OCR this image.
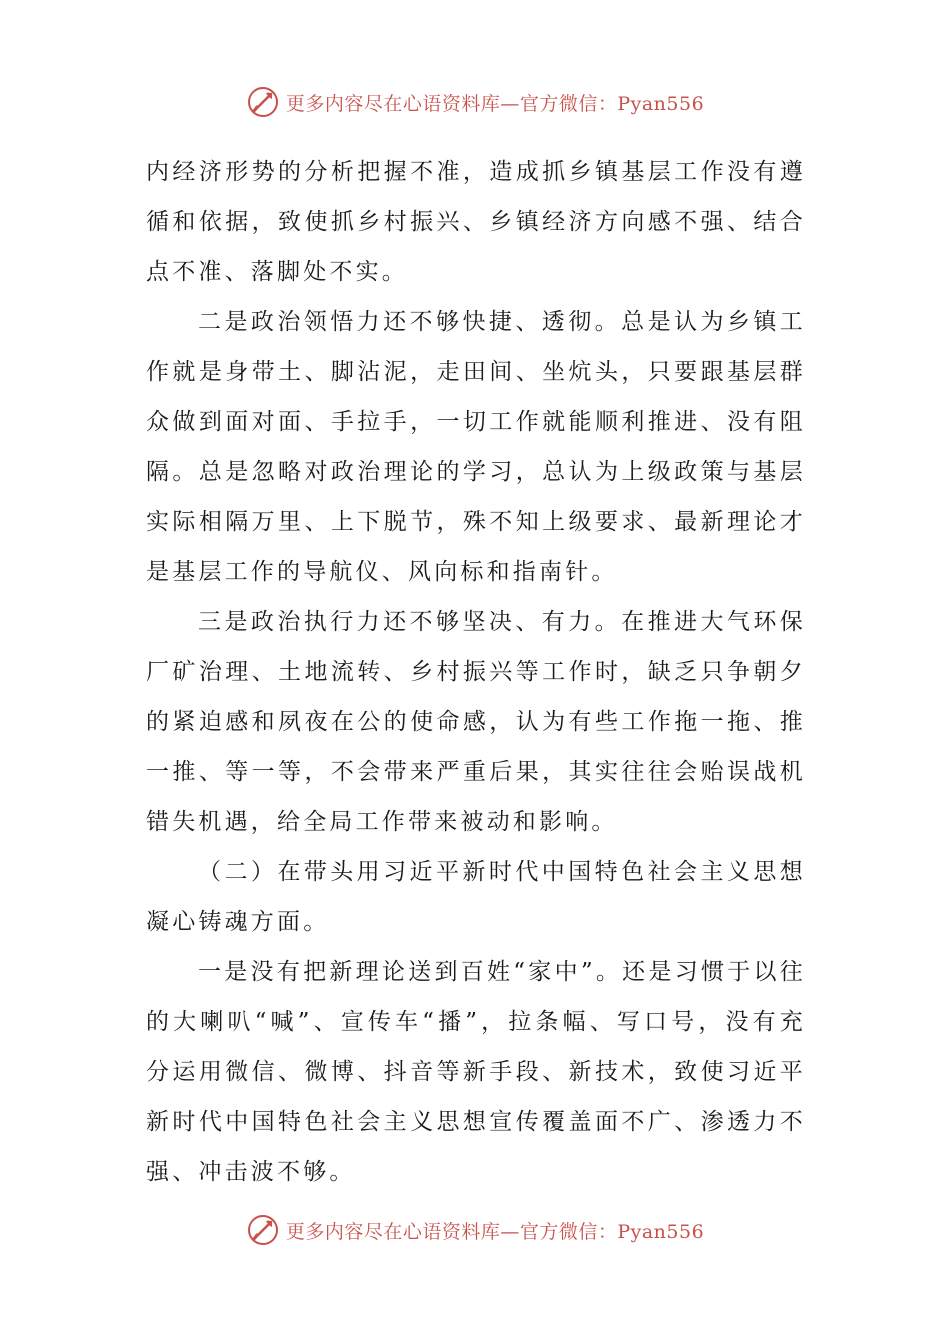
更多内容尽在心语资料库—官方微信：Pyan556

内经济形势的分析把握不准，造成抓乡镇基层工作没有遵循和依据，致使抓乡村振兴、乡镇经济方向感不强、结合点不准、落脚处不实。

二是政治领悟力还不够快捷、透彻。总是认为乡镇工作就是身带土、脚沾泥，走田间、坐炕头，只要跟基层群众做到面对面、手拉手，一切工作就能顺利推进、没有阻隔。总是忽略对政治理论的学习，总认为上级政策与基层实际相隔万里、上下脱节，殊不知上级要求、最新理论才是基层工作的导航仪、风向标和指南针。

三是政治执行力还不够坚决、有力。在推进大气环保厂矿治理、土地流转、乡村振兴等工作时，缺乏只争朝夕的紧迫感和夙夜在公的使命感，认为有些工作拖一拖、推一推、等一等，不会带来严重后果，其实往往会贻误战机错失机遇，给全局工作带来被动和影响。

（二）在带头用习近平新时代中国特色社会主义思想凝心铸魂方面。

一是没有把新理论送到百姓“家中”。还是习惯于以往的大喇叭“喊”、宣传车“播”，拉条幅、写口号，没有充分运用微信、微博、抖音等新手段、新技术，致使习近平新时代中国特色社会主义思想宣传覆盖面不广、渗透力不强、冲击波不够。

更多内容尽在心语资料库—官方微信：Pyan556
